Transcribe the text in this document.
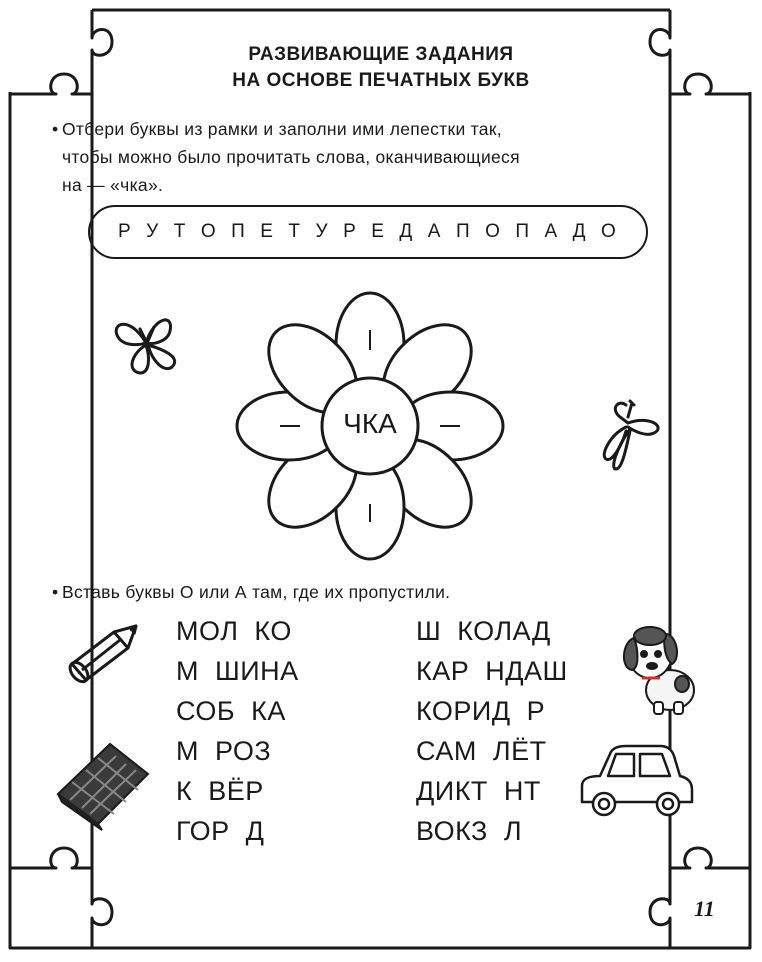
РАЗВИВАЮЩИЕ ЗАДАНИЯ
НА ОСНОВЕ ПЕЧАТНЫХ БУКВ
• Отбери буквы из рамки и заполни ими лепестки так,

чтобы можно было прочитать слова, оканчивающиеся

на — «чка».

Р У Т О П Е Т У Р Е Д А П О П А Д О
ЧКА
• Вставь буквы О или А там, где их пропустили.
МОЛ  КО
М  ШИНА
СОБ  КА
М  РОЗ
К  ВЁР
ГОР  Д
Ш  КОЛАД
КАР  НДАШ
КОРИД  Р
САМ  ЛЁТ
ДИКТ  НТ
ВОКЗ  Л
11
